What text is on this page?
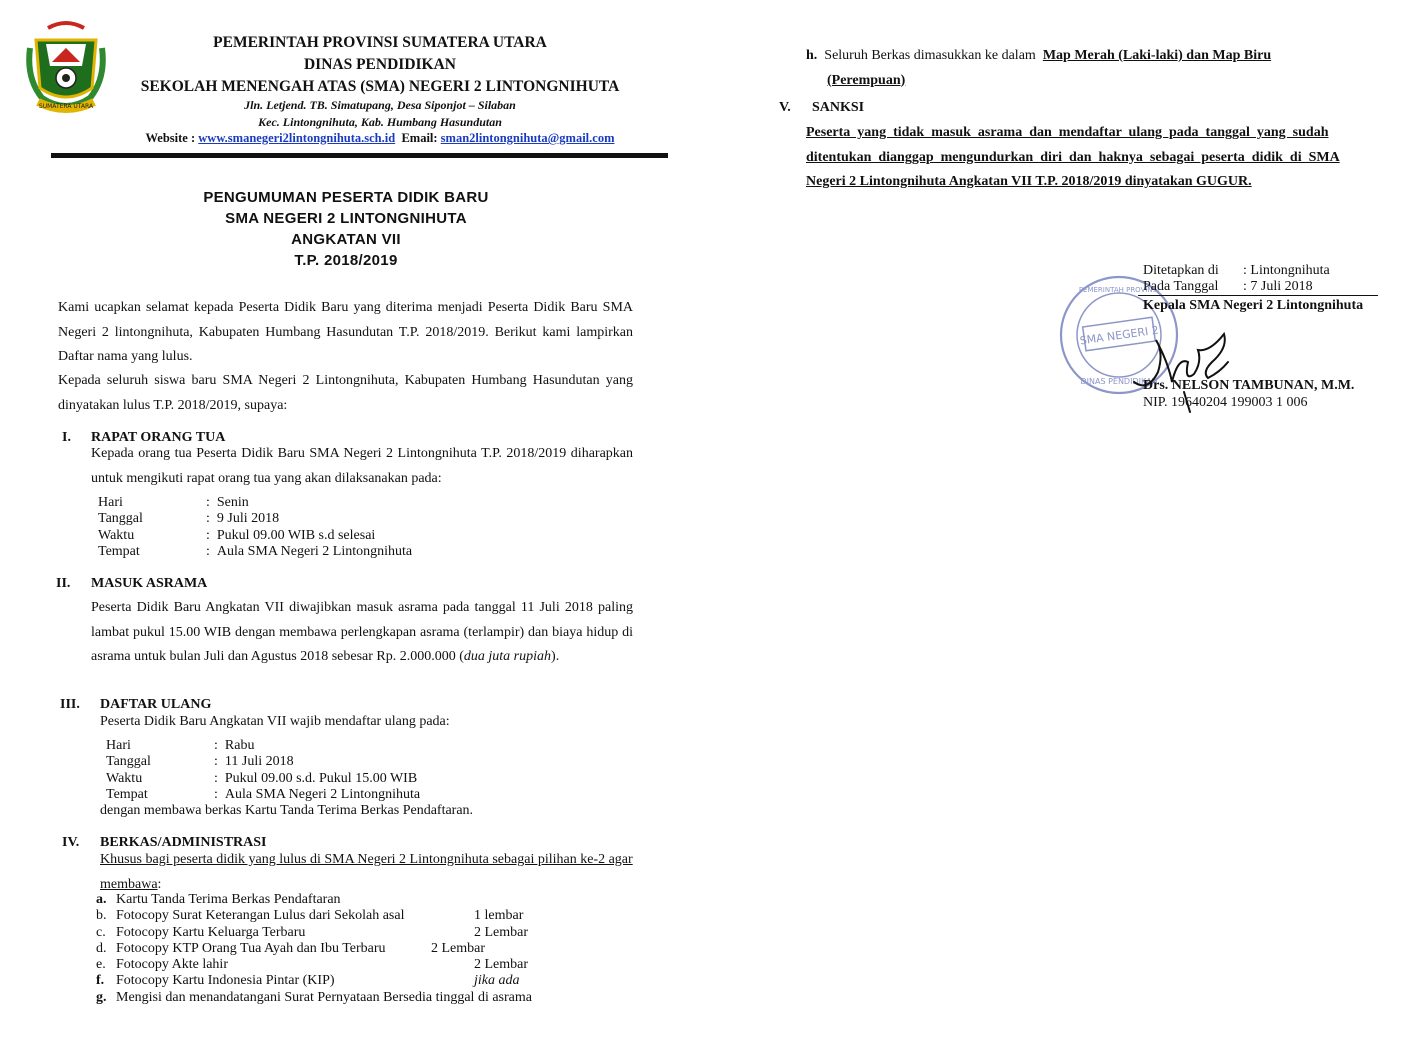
SUMATERA UTARA
PEMERINTAH PROVINSI SUMATERA UTARA
DINAS PENDIDIKAN
SEKOLAH MENENGAH ATAS (SMA) NEGERI 2 LINTONGNIHUTA
Jln. Letjend. TB. Simatupang, Desa Siponjot – Silaban
Kec. Lintongnihuta, Kab. Humbang Hasundutan
Website : www.smanegeri2lintongnihuta.sch.id Email: sman2lintongnihuta@gmail.com
PENGUMUMAN PESERTA DIDIK BARU
SMA NEGERI 2 LINTONGNIHUTA
ANGKATAN VII
T.P. 2018/2019
Kami ucapkan selamat kepada Peserta Didik Baru yang diterima menjadi Peserta Didik Baru SMA Negeri 2 lintongnihuta, Kabupaten Humbang Hasundutan T.P. 2018/2019. Berikut kami lampirkan Daftar nama yang lulus.
Kepada seluruh siswa baru SMA Negeri 2 Lintongnihuta, Kabupaten Humbang Hasundutan yang dinyatakan lulus T.P. 2018/2019, supaya:
I. RAPAT ORANG TUA
Kepada orang tua Peserta Didik Baru SMA Negeri 2 Lintongnihuta T.P. 2018/2019 diharapkan untuk mengikuti rapat orang tua yang akan dilaksanakan pada:
Hari	:  Senin
Tanggal	:  9 Juli 2018
Waktu	:  Pukul 09.00 WIB s.d selesai
Tempat	:  Aula SMA Negeri 2 Lintongnihuta
II. MASUK ASRAMA
Peserta Didik Baru Angkatan VII diwajibkan masuk asrama pada tanggal 11 Juli 2018 paling lambat pukul 15.00 WIB dengan membawa perlengkapan asrama (terlampir) dan biaya hidup di asrama untuk bulan Juli dan Agustus 2018 sebesar Rp. 2.000.000 (dua juta rupiah).
III. DAFTAR ULANG
Peserta Didik Baru Angkatan VII wajib mendaftar ulang pada:
Hari	:  Rabu
Tanggal	:  11 Juli 2018
Waktu	:  Pukul 09.00 s.d. Pukul 15.00 WIB
Tempat	:  Aula SMA Negeri 2 Lintongnihuta
dengan membawa berkas Kartu Tanda Terima Berkas Pendaftaran.
IV. BERKAS/ADMINISTRASI
Khusus bagi peserta didik yang lulus di SMA Negeri 2 Lintongnihuta sebagai pilihan ke-2 agar
membawa:
a. Kartu Tanda Terima Berkas Pendaftaran
b. Fotocopy Surat Keterangan Lulus dari Sekolah asal	1 lembar
c. Fotocopy Kartu Keluarga Terbaru	2 Lembar
d. Fotocopy KTP Orang Tua Ayah dan Ibu Terbaru	2 Lembar
e. Fotocopy Akte lahir	2 Lembar
f. Fotocopy Kartu Indonesia Pintar (KIP)	jika ada
g. Mengisi dan menandatangani Surat Pernyataan Bersedia tinggal di asrama
h. Seluruh Berkas dimasukkan ke dalam Map Merah (Laki-laki) dan Map Biru
(Perempuan)
V. SANKSI
Peserta  yang  tidak  masuk  asrama  dan  mendaftar  ulang  pada  tanggal  yang  sudah
ditentukan  dianggap  mengundurkan  diri  dan  haknya  sebagai  peserta  didik  di  SMA
Negeri 2 Lintongnihuta Angkatan VII T.P. 2018/2019 dinyatakan GUGUR.
SMA NEGERI 2
PEMERINTAH PROVINSI
DINAS PENDIDIKAN
Ditetapkan di : Lintongnihuta
Pada Tanggal : 7 Juli 2018
Kepala SMA Negeri 2 Lintongnihuta
Drs. NELSON TAMBUNAN, M.M.
NIP. 19640204 199003 1 006
